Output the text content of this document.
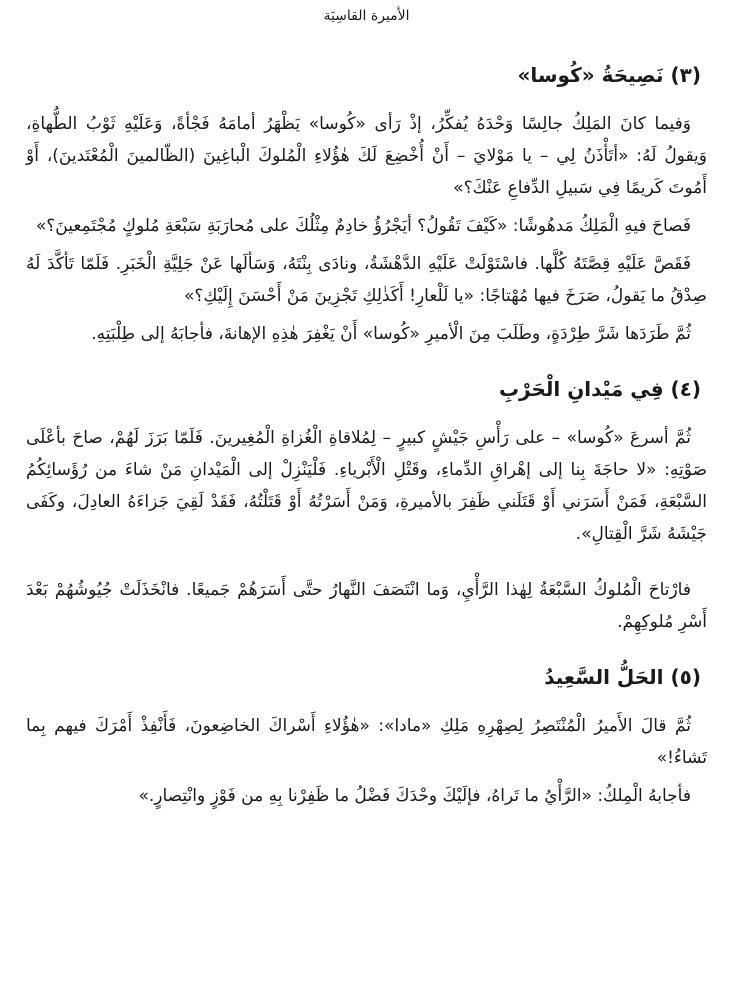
الأميرة القاسِيَة
(٣) نَصِيحَةُ «كُوسا»

وَفيما كانَ المَلِكُ جالِسًا وَحْدَهُ يُفكِّرُ، إذْ رَأى «كُوسا» يَظْهَرُ أمامَهُ فَجْأةً، وَعَلَيْهِ ثَوْبُ الطُّهاةِ، وَيقولُ لَهُ: «أتَأْذَنُ لِي – يا مَوْلايَ – أَنْ أُخْضِعَ لَكَ هٰؤُلاءِ الْمُلوكَ الْباغِينَ (الظّالمينَ الْمُعْتَدينَ)، أَوْ أَمُوتَ كَريمًا فِي سَبيلِ الدِّفاعِ عَنْكَ؟»

فَصاحَ فيهِ الْمَلِكُ مَدهُوشًا: «كَيْفَ تَقُولُ؟ أيَجْرُؤُ خادِمٌ مِثْلُكَ على مُحارَبَةِ سَبْعَةِ مُلوكٍ مُجْتَمِعينَ؟»

فَقَصَّ عَلَيْهِ قِصَّتَهُ كُلَّها. فاسْتَوْلَتْ عَلَيْهِ الدَّهْشَةُ، ونادَى بِنْتَهُ، وَسَألَها عَنْ جَلِيَّةِ الْخَبَرِ. فَلَمّا تَأكَّدَ لَهُ صِدْقُ ما يَقولُ، صَرَخَ فيها مُهْتاجًا: «يا لَلْعارِ! أَكَذٰلِكِ تَجْزِينَ مَنْ أَحْسَنَ إِلَيْكِ؟»

ثُمَّ طَرَدَها شَرَّ طِرْدَةٍ، وطَلَبَ مِنَ الْأميرِ «كُوسا» أَنْ يَغْفِرَ هٰذِهِ الإهانةَ، فأجابَهُ إلى طِلْبَتِهِ.

(٤) فِي مَيْدانِ الْحَرْبِ

ثُمَّ أسرعَ «كُوسا» – على رَأْسِ جَيْشٍ كبيرٍ – لِمُلاقاةِ الْغُزاةِ الْمُغِيرينَ. فَلَمّا بَرَزَ لَهُمْ، صاحَ بأعْلَى صَوْتِهِ: «لا حاجَةَ بِنا إلى إهْراقِ الدِّماءِ، وقَتْلِ الْأَبْرياءِ. فَلْيَنْزِلْ إلى الْمَيْدانِ مَنْ شاءَ من رُؤَسائِكُمُ السَّبْعَةِ، فَمَنْ أَسَرَني أَوْ قَتَلَني ظَفِرَ بالأميرةِ، وَمَنْ أَسَرْتُهُ أَوْ قَتَلْتُهُ، فَقَدْ لَقِيَ جَزاءَهُ العادِلَ، وكَفَى جَيْشَهُ شَرَّ الْقِتالِ».

فارْتاحَ الْمُلوكُ السَّبْعَةُ لِهٰذا الرَّأْيِ، وَما انْتَصَفَ النَّهارُ حتَّى أَسَرَهُمْ جَميعًا. فانْخَذَلَتْ جُيُوشُهُمْ بَعْدَ أَسْرِ مُلوكِهِمْ.

(٥) الحَلُّ السَّعِيدُ

ثُمَّ قالَ الأَميرُ الْمُنْتَصِرُ لِصِهْرِهِ مَلِكِ «مادا»: «هٰؤُلاءِ أَسْراكَ الخاضِعونَ، فَأَنْفِذْ أَمْرَكَ فيهم بِما تَشاءُ!»

فأجابهُ الْمِلكُ: «الرَّأْيُ ما تَراهُ، فإلَيْكَ وحْدَكَ فَضْلُ ما ظَفِرْنا بِهِ من فَوْزٍ وانْتِصارٍ.»
